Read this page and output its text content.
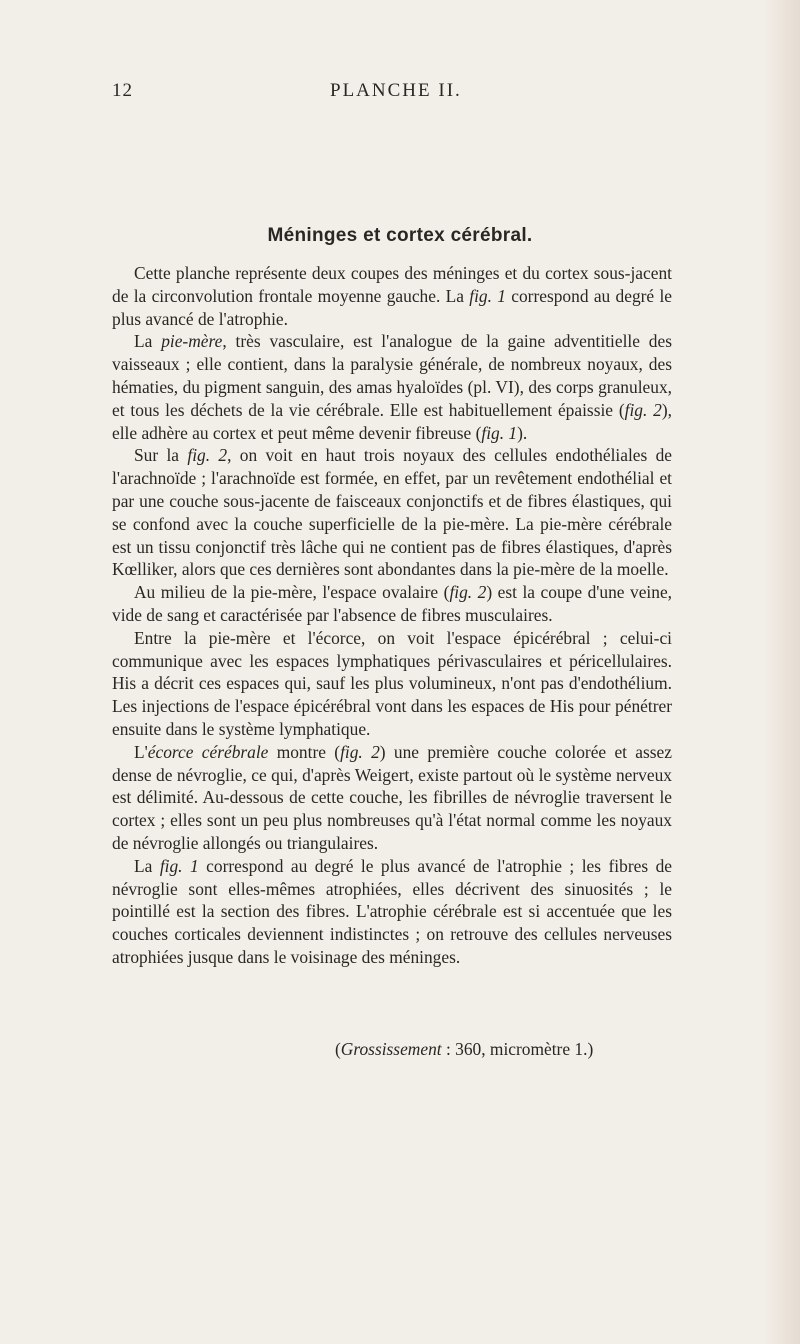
12	PLANCHE II.
Méninges et cortex cérébral.

Cette planche représente deux coupes des méninges et du cortex sous-jacent de la circonvolution frontale moyenne gauche. La fig. 1 correspond au degré le plus avancé de l'atrophie.

La pie-mère, très vasculaire, est l'analogue de la gaine adventitielle des vaisseaux ; elle contient, dans la paralysie générale, de nombreux noyaux, des hématies, du pigment sanguin, des amas hyaloïdes (pl. VI), des corps granuleux, et tous les déchets de la vie cérébrale. Elle est habituellement épaissie (fig. 2), elle adhère au cortex et peut même devenir fibreuse (fig. 1).

Sur la fig. 2, on voit en haut trois noyaux des cellules endothéliales de l'arachnoïde ; l'arachnoïde est formée, en effet, par un revêtement endothélial et par une couche sous-jacente de faisceaux conjonctifs et de fibres élastiques, qui se confond avec la couche superficielle de la pie-mère. La pie-mère cérébrale est un tissu conjonctif très lâche qui ne contient pas de fibres élastiques, d'après Kœlliker, alors que ces dernières sont abondantes dans la pie-mère de la moelle.

Au milieu de la pie-mère, l'espace ovalaire (fig. 2) est la coupe d'une veine, vide de sang et caractérisée par l'absence de fibres musculaires.

Entre la pie-mère et l'écorce, on voit l'espace épicérébral ; celui-ci communique avec les espaces lymphatiques périvasculaires et péricellulaires. His a décrit ces espaces qui, sauf les plus volumineux, n'ont pas d'endothélium. Les injections de l'espace épicérébral vont dans les espaces de His pour pénétrer ensuite dans le système lymphatique.

L'écorce cérébrale montre (fig. 2) une première couche colorée et assez dense de névroglie, ce qui, d'après Weigert, existe partout où le système nerveux est délimité. Au-dessous de cette couche, les fibrilles de névroglie traversent le cortex ; elles sont un peu plus nombreuses qu'à l'état normal comme les noyaux de névroglie allongés ou triangulaires.

La fig. 1 correspond au degré le plus avancé de l'atrophie ; les fibres de névroglie sont elles-mêmes atrophiées, elles décrivent des sinuosités ; le pointillé est la section des fibres. L'atrophie cérébrale est si accentuée que les couches corticales deviennent indistinctes ; on retrouve des cellules nerveuses atrophiées jusque dans le voisinage des méninges.

(Grossissement : 360, micromètre 1.)
